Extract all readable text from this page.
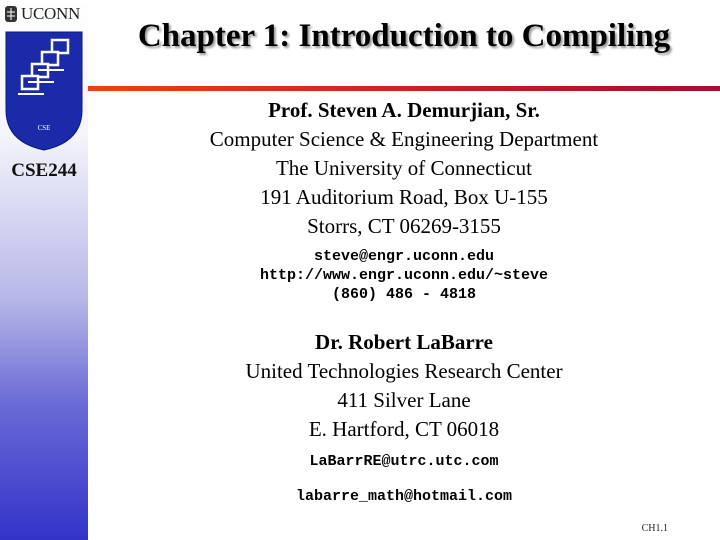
UCONN
CSE
CSE244
Chapter 1: Introduction to Compiling
Prof. Steven A. Demurjian, Sr.
Computer Science & Engineering Department
The University of Connecticut
191 Auditorium Road, Box U-155
Storrs, CT 06269-3155
steve@engr.uconn.edu
http://www.engr.uconn.edu/~steve
(860) 486 - 4818
Dr. Robert LaBarre
United Technologies Research Center
411 Silver Lane
E. Hartford, CT 06018
LaBarrRE@utrc.utc.com
labarre_math@hotmail.com
CH1.1
